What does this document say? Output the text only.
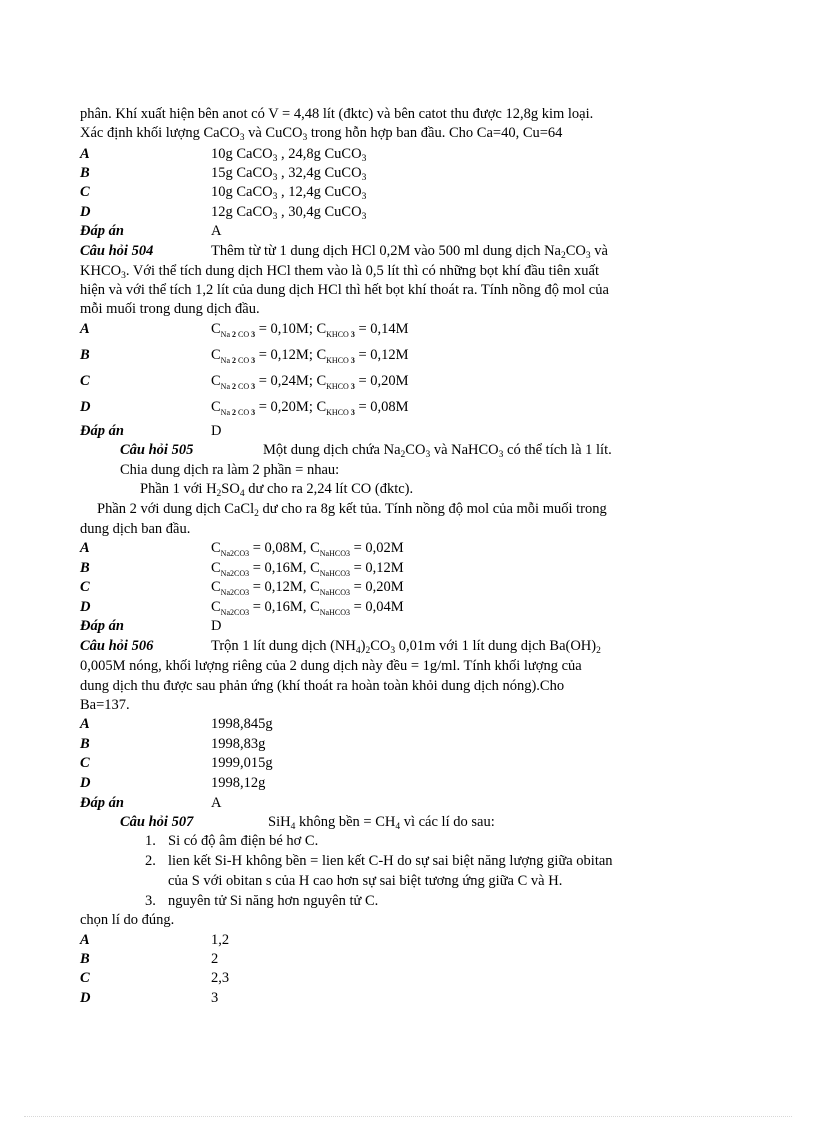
phân. Khí xuất hiện bên anot có V = 4,48 lít (đktc) và bên catot thu được 12,8g kim loại.
Xác định khối lượng CaCO$_3$ và CuCO$_3$ trong hỗn hợp ban đầu. Cho Ca=40, Cu=64
A	10g CaCO$_3$ , 24,8g CuCO$_3$
B	15g CaCO$_3$ , 32,4g CuCO$_3$
C	10g CaCO$_3$ , 12,4g CuCO$_3$
D	12g CaCO$_3$ , 30,4g CuCO$_3$
Đáp án	A
Câu hỏi 504	Thêm từ từ 1 dung dịch HCl 0,2M vào 500 ml dung dịch $Na_2CO_3$ và
$KHCO_3$. Với thể tích dung dịch HCl them vào là 0,5 lít thì có những bọt khí đầu tiên xuất
hiện và với thể tích 1,2 lít của dung dịch HCl thì hết bọt khí thoát ra. Tính nồng độ mol của
mỗi muối trong dung dịch đầu.
A	$C_{Na 2 CO 3} = 0,10M$; $C_{KHCO 3} = 0,14M$
B	$C_{Na 2 CO 3} = 0,12M$; $C_{KHCO 3} = 0,12M$
C	$C_{Na 2 CO 3} = 0,24M$; $C_{KHCO 3} = 0,20M$
D	$C_{Na 2 CO 3} = 0,20M$; $C_{KHCO 3} = 0,08M$
Đáp án	D
Câu hỏi 505	Một dung dịch chứa $Na_2CO_3$ và NaHCO$_3$ có thể tích là 1 lít.
Chia dung dịch ra làm 2 phần = nhau:
Phần 1 với $H_2SO_4$ dư cho ra 2,24 lít CO (đktc).
Phần 2 với dung dịch CaCl$_2$ dư cho ra 8g kết tủa. Tính nồng độ mol của mỗi muối trong
dung dịch ban đầu.
A	$C_{Na2CO3} = 0,08M$, $C_{NaHCO3} = 0,02M$
B	$C_{Na2CO3} = 0,16M$, $C_{NaHCO3} = 0,12M$
C	$C_{Na2CO3} = 0,12M$, $C_{NaHCO3} = 0,20M$
D	$C_{Na2CO3} = 0,16M$, $C_{NaHCO3} = 0,04M$
Đáp án	D
Câu hỏi 506	Trộn 1 lít dung dịch $(NH_4)_2CO_3$ 0,01m với 1 lít dung dịch $Ba(OH)_2$
0,005M nóng, khối lượng riêng của 2 dung dịch này đều = 1g/ml. Tính khối lượng của
dung dịch thu được sau phản ứng (khí thoát ra hoàn toàn khỏi dung dịch nóng).Cho
Ba=137.
A	1998,845g
B	1998,83g
C	1999,015g
D	1998,12g
Đáp án	A
Câu hỏi 507	SiH$_4$ không bền = $CH_4$ vì các lí do sau:
1. Si có độ âm điện bé hơ C.
2. lien kết Si-H không bền = lien kết C-H do sự sai biệt năng lượng giữa obitan
của S với obitan s của H cao hơn sự sai biệt tương ứng giữa C và H.
3. nguyên tử Si năng hơn nguyên tử C.
chọn lí do đúng.
A	1,2
B	2
C	2,3
D	3
